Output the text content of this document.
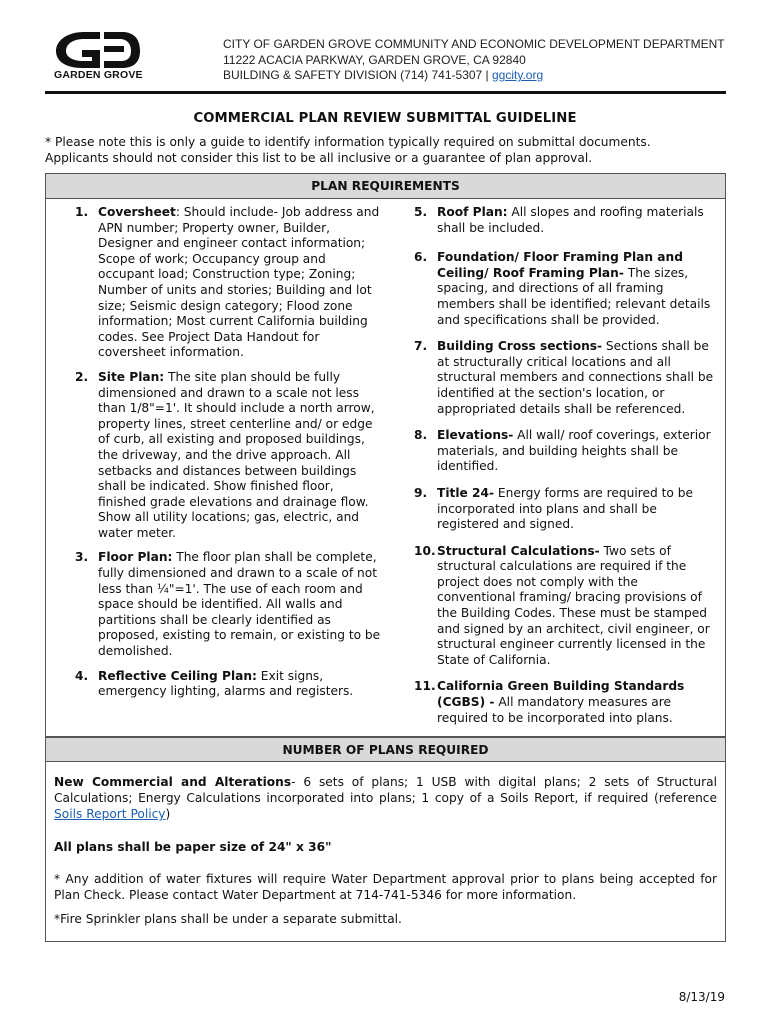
GARDEN GROVE
CITY OF GARDEN GROVE COMMUNITY AND ECONOMIC DEVELOPMENT DEPARTMENT
11222 ACACIA PARKWAY, GARDEN GROVE, CA 92840
BUILDING & SAFETY DIVISION (714) 741-5307 | ggcity.org
COMMERCIAL PLAN REVIEW SUBMITTAL GUIDELINE
* Please note this is only a guide to identify information typically required on submittal documents.
Applicants should not consider this list to be all inclusive or a guarantee of plan approval.
PLAN REQUIREMENTS
1. Coversheet: Should include- Job address and APN number; Property owner, Builder, Designer and engineer contact information; Scope of work; Occupancy group and occupant load; Construction type; Zoning; Number of units and stories; Building and lot size; Seismic design category; Flood zone information; Most current California building codes. See Project Data Handout for coversheet information.
2. Site Plan: The site plan should be fully dimensioned and drawn to a scale not less than 1/8"=1'. It should include a north arrow, property lines, street centerline and/ or edge of curb, all existing and proposed buildings, the driveway, and the drive approach. All setbacks and distances between buildings shall be indicated. Show finished floor, finished grade elevations and drainage flow. Show all utility locations; gas, electric, and water meter.
3. Floor Plan: The floor plan shall be complete, fully dimensioned and drawn to a scale of not less than ¼"=1'. The use of each room and space should be identified. All walls and partitions shall be clearly identified as proposed, existing to remain, or existing to be demolished.
4. Reflective Ceiling Plan: Exit signs, emergency lighting, alarms and registers.
5. Roof Plan: All slopes and roofing materials shall be included.
6. Foundation/ Floor Framing Plan and Ceiling/ Roof Framing Plan- The sizes, spacing, and directions of all framing members shall be identified; relevant details and specifications shall be provided.
7. Building Cross sections- Sections shall be at structurally critical locations and all structural members and connections shall be identified at the section's location, or appropriated details shall be referenced.
8. Elevations- All wall/ roof coverings, exterior materials, and building heights shall be identified.
9. Title 24- Energy forms are required to be incorporated into plans and shall be registered and signed.
10. Structural Calculations- Two sets of structural calculations are required if the project does not comply with the conventional framing/ bracing provisions of the Building Codes. These must be stamped and signed by an architect, civil engineer, or structural engineer currently licensed in the State of California.
11. California Green Building Standards (CGBS) - All mandatory measures are required to be incorporated into plans.
NUMBER OF PLANS REQUIRED

New Commercial and Alterations- 6 sets of plans; 1 USB with digital plans; 2 sets of Structural Calculations; Energy Calculations incorporated into plans; 1 copy of a Soils Report, if required (reference Soils Report Policy)

All plans shall be paper size of 24" x 36"

* Any addition of water fixtures will require Water Department approval prior to plans being accepted for Plan Check. Please contact Water Department at 714-741-5346 for more information.

*Fire Sprinkler plans shall be under a separate submittal.

8/13/19
